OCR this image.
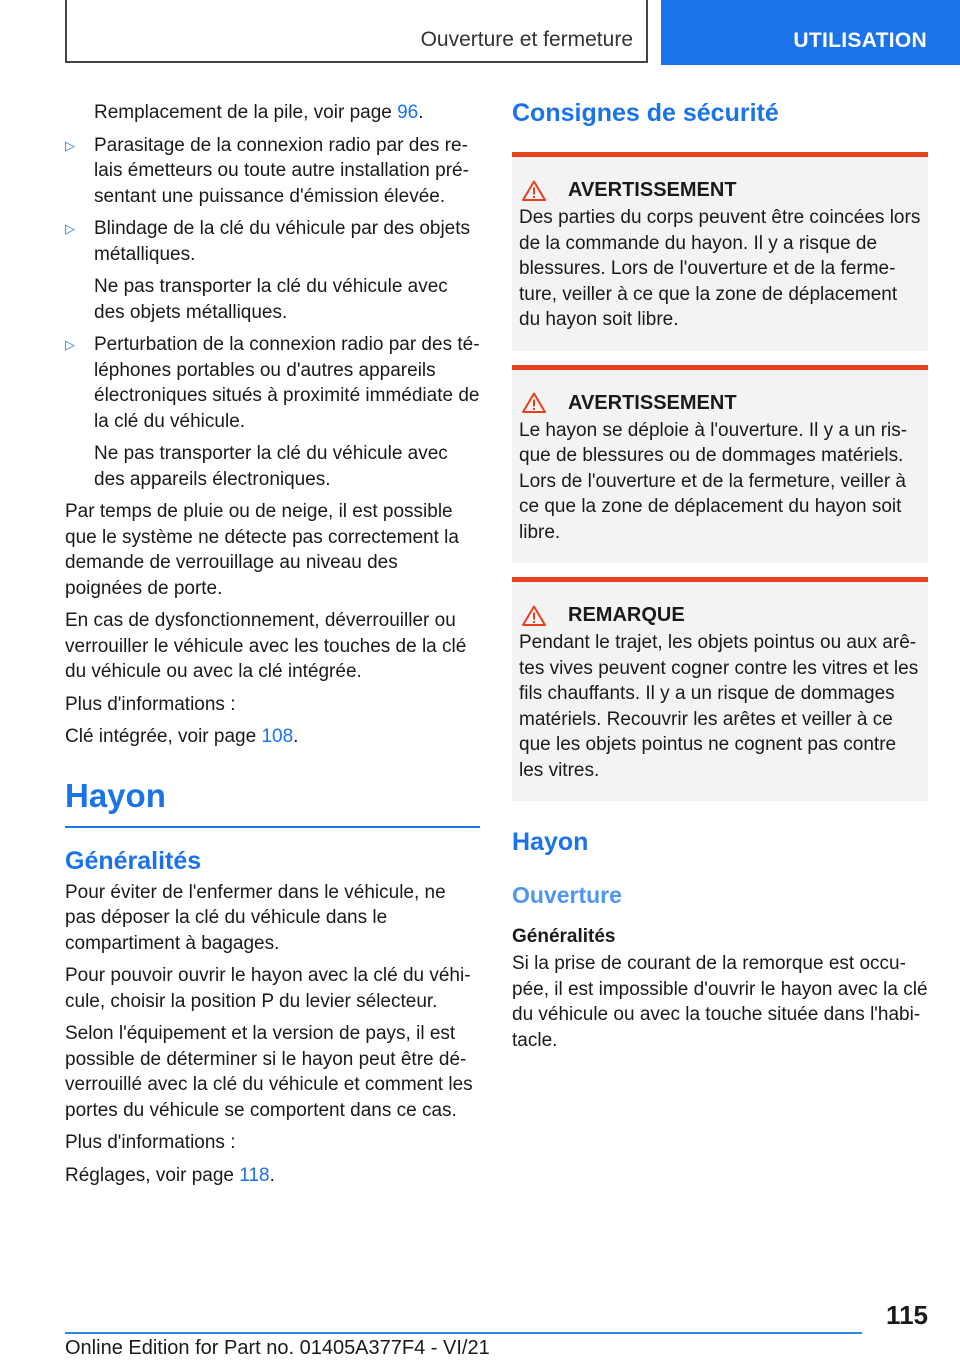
Ouverture et fermeture	UTILISATION

Remplacement de la pile, voir page 96.

▷ Parasitage de la connexion radio par des re-lais émetteurs ou toute autre installation pré-sentant une puissance d'émission élevée.
▷ Blindage de la clé du véhicule par des objets métalliques.
Ne pas transporter la clé du véhicule avec des objets métalliques.
▷ Perturbation de la connexion radio par des té-léphones portables ou d'autres appareils électroniques situés à proximité immédiate de la clé du véhicule.
Ne pas transporter la clé du véhicule avec des appareils électroniques.

Par temps de pluie ou de neige, il est possible que le système ne détecte pas correctement la demande de verrouillage au niveau des poignées de porte.

En cas de dysfonctionnement, déverrouiller ou verrouiller le véhicule avec les touches de la clé du véhicule ou avec la clé intégrée.

Plus d'informations :

Clé intégrée, voir page 108.

Hayon
Généralités

Pour éviter de l'enfermer dans le véhicule, ne pas déposer la clé du véhicule dans le compartiment à bagages.

Pour pouvoir ouvrir le hayon avec la clé du véhi-cule, choisir la position P du levier sélecteur.

Selon l'équipement et la version de pays, il est possible de déterminer si le hayon peut être dé-verrouillé avec la clé du véhicule et comment les portes du véhicule se comportent dans ce cas.

Plus d'informations :

Réglages, voir page 118.

Consignes de sécurité
AVERTISSEMENT
Des parties du corps peuvent être coincées lors de la commande du hayon. Il y a risque de blessures. Lors de l'ouverture et de la ferme-ture, veiller à ce que la zone de déplacement du hayon soit libre.
AVERTISSEMENT
Le hayon se déploie à l'ouverture. Il y a un ris-que de blessures ou de dommages matériels. Lors de l'ouverture et de la fermeture, veiller à ce que la zone de déplacement du hayon soit libre.
REMARQUE
Pendant le trajet, les objets pointus ou aux arê-tes vives peuvent cogner contre les vitres et les fils chauffants. Il y a un risque de dommages matériels. Recouvrir les arêtes et veiller à ce que les objets pointus ne cognent pas contre les vitres.
Hayon
Ouverture
Généralités

Si la prise de courant de la remorque est occu-pée, il est impossible d'ouvrir le hayon avec la clé du véhicule ou avec la touche située dans l'habi-tacle.

115
Online Edition for Part no. 01405A377F4 - VI/21
